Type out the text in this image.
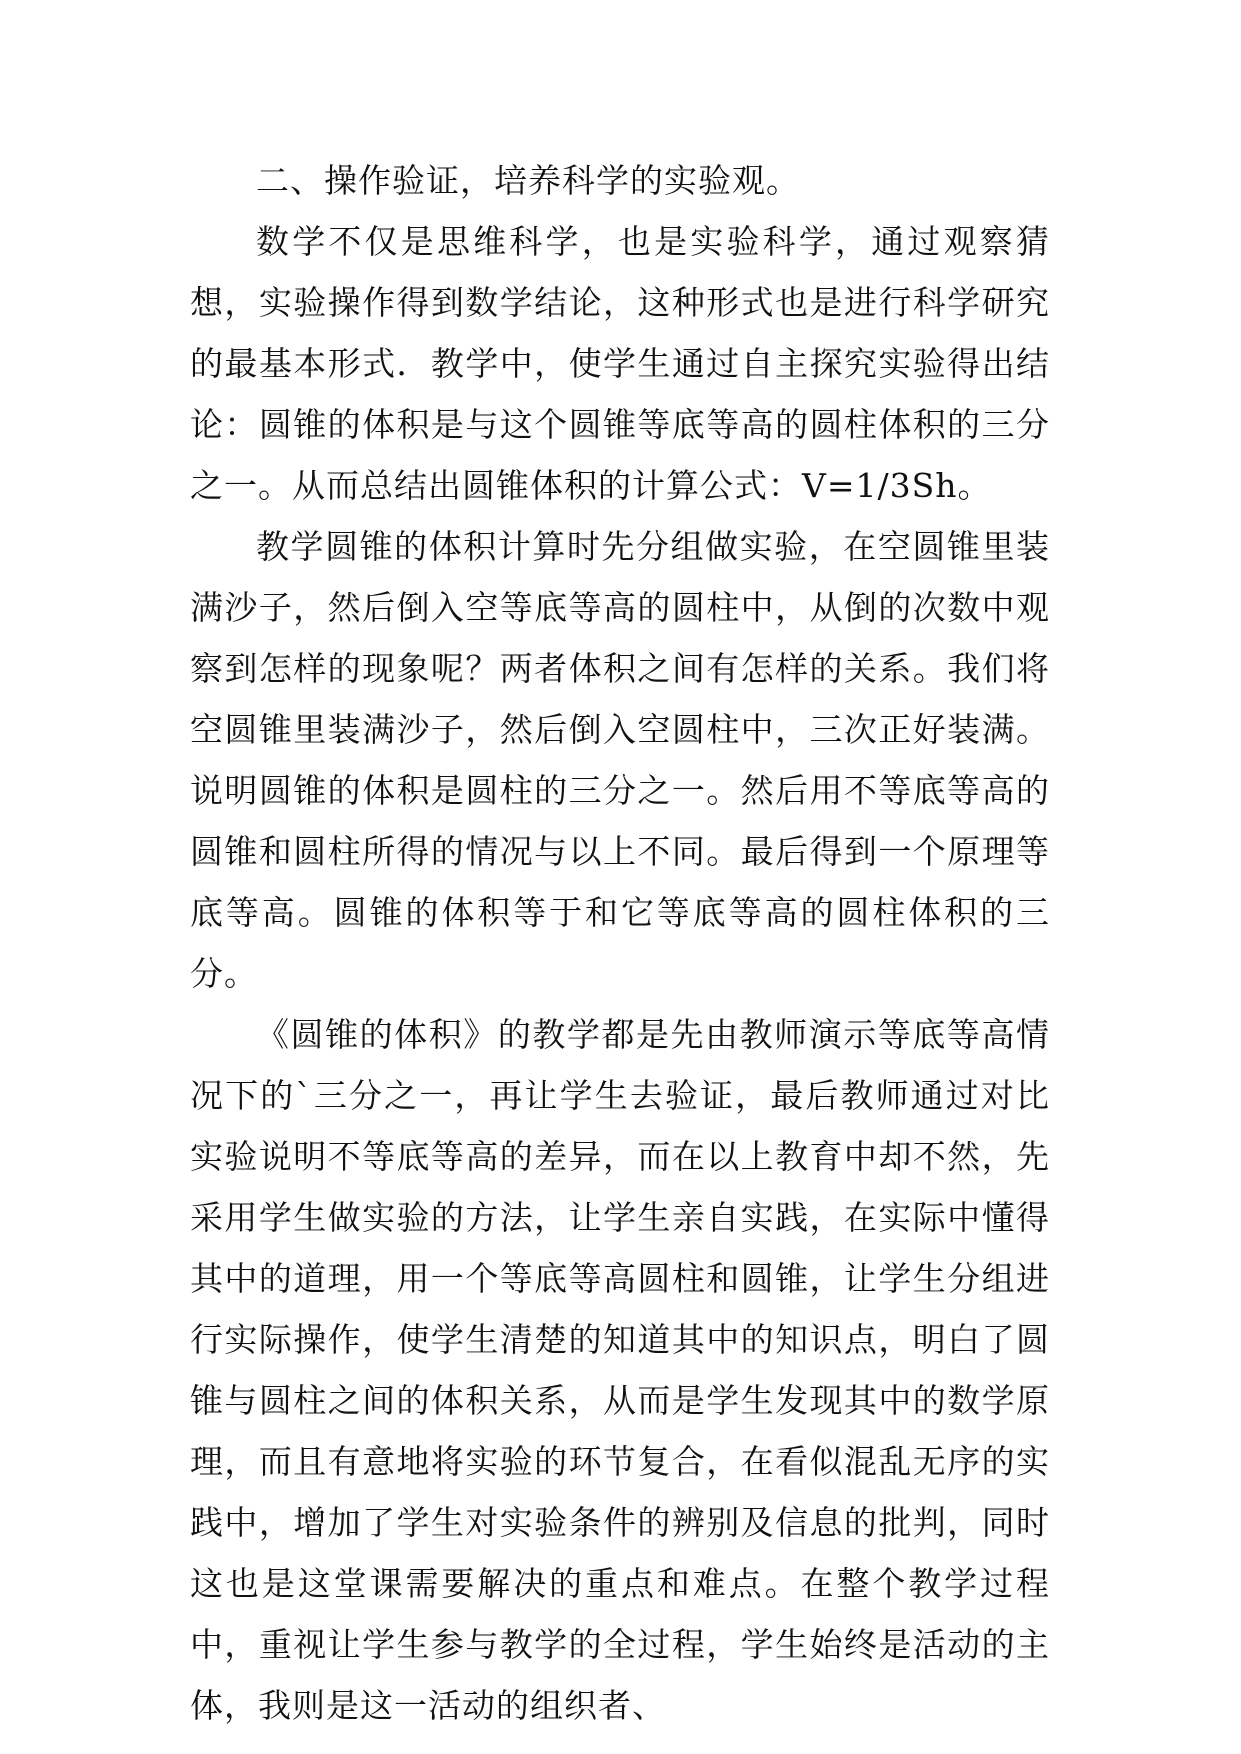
二、操作验证，培养科学的实验观。

数学不仅是思维科学，也是实验科学，通过观察猜想，实验操作得到数学结论，这种形式也是进行科学研究的最基本形式．教学中，使学生通过自主探究实验得出结论：圆锥的体积是与这个圆锥等底等高的圆柱体积的三分之一。从而总结出圆锥体积的计算公式：V=1/3Sh。

教学圆锥的体积计算时先分组做实验，在空圆锥里装满沙子，然后倒入空等底等高的圆柱中，从倒的次数中观察到怎样的现象呢？两者体积之间有怎样的关系。我们将空圆锥里装满沙子，然后倒入空圆柱中，三次正好装满。说明圆锥的体积是圆柱的三分之一。然后用不等底等高的圆锥和圆柱所得的情况与以上不同。最后得到一个原理等底等高。圆锥的体积等于和它等底等高的圆柱体积的三分。

《圆锥的体积》的教学都是先由教师演示等底等高情况下的`三分之一，再让学生去验证，最后教师通过对比实验说明不等底等高的差异，而在以上教育中却不然，先采用学生做实验的方法，让学生亲自实践，在实际中懂得其中的道理，用一个等底等高圆柱和圆锥，让学生分组进行实际操作，使学生清楚的知道其中的知识点，明白了圆锥与圆柱之间的体积关系，从而是学生发现其中的数学原理，而且有意地将实验的环节复合，在看似混乱无序的实践中，增加了学生对实验条件的辨别及信息的批判，同时这也是这堂课需要解决的重点和难点。在整个教学过程中，重视让学生参与教学的全过程，学生始终是活动的主体，我则是这一活动的组织者、
